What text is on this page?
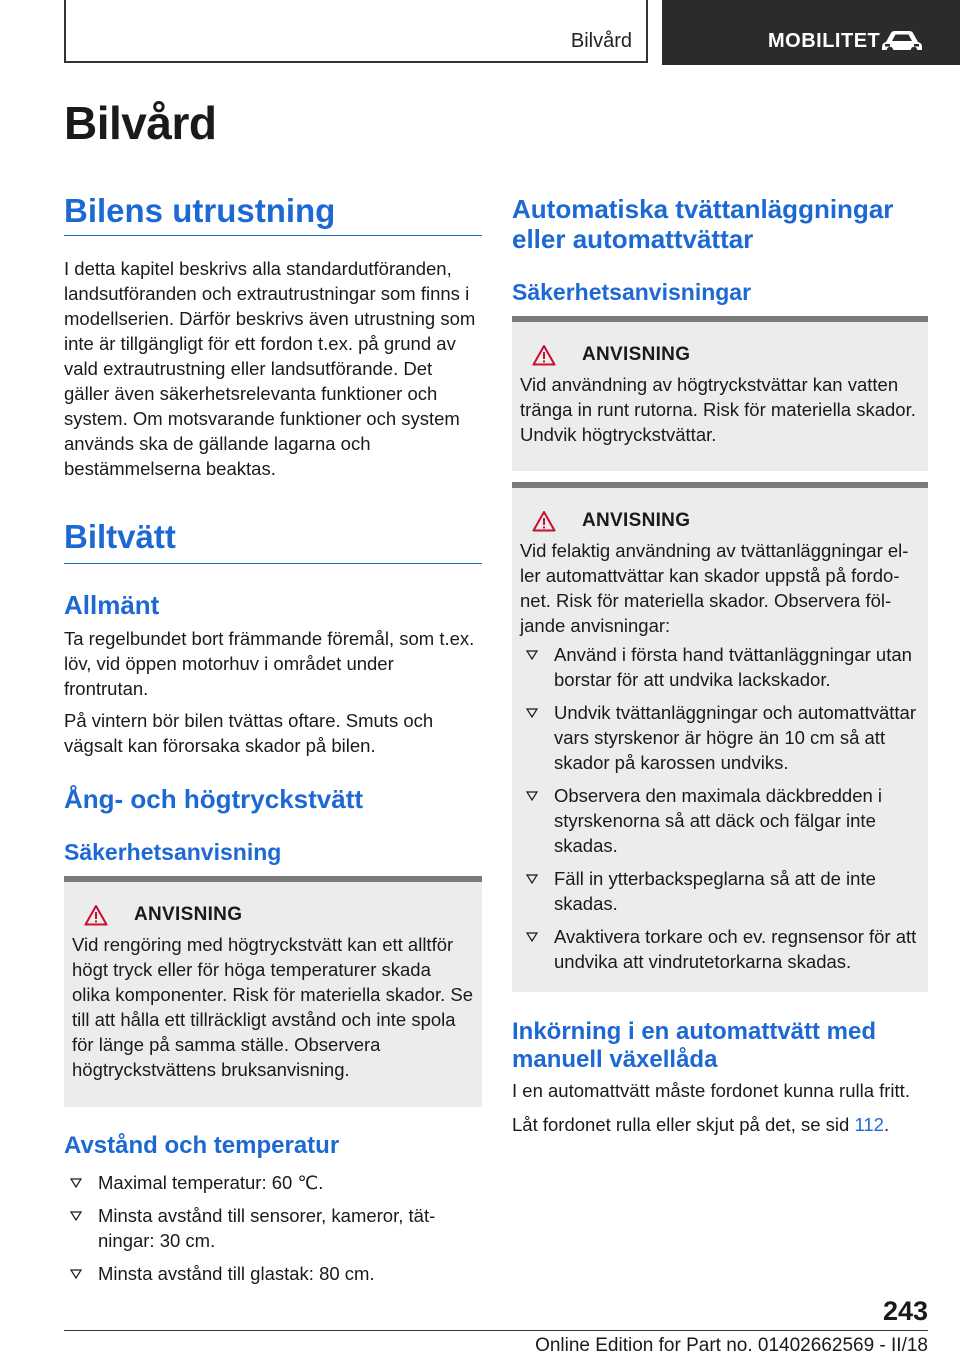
Bilvård	MOBILITET
Bilvård
Bilens utrustning

I detta kapitel beskrivs alla standardutföranden, landsutföranden och extrautrustningar som finns i modellserien. Därför beskrivs även utrustning som inte är tillgängligt för ett fordon t.ex. på grund av vald extrautrustning eller landsutförande. Det gäller även säkerhetsrelevanta funktioner och system. Om motsvarande funktioner och system används ska de gällande lagarna och bestämmelserna beaktas.

Biltvätt
Allmänt

Ta regelbundet bort främmande föremål, som t.ex. löv, vid öppen motorhuv i området under frontrutan.

På vintern bör bilen tvättas oftare. Smuts och vägsalt kan förorsaka skador på bilen.

Ång- och högtryckstvätt
Säkerhetsanvisning
ANVISNING

Vid rengöring med högtryckstvätt kan ett alltför högt tryck eller för höga temperaturer skada olika komponenter. Risk för materiella skador. Se till att hålla ett tillräckligt avstånd och inte spola för länge på samma ställe. Observera högtryckstvättens bruksanvisning.

Avstånd och temperatur
Maximal temperatur: 60 ℃.
Minsta avstånd till sensorer, kameror, tätningar: 30 cm.
Minsta avstånd till glastak: 80 cm.
Automatiska tvättanläggningar eller automattvättar
Säkerhetsanvisningar
ANVISNING

Vid användning av högtryckstvättar kan vatten tränga in runt rutorna. Risk för materiella skador. Undvik högtryckstvättar.

ANVISNING

Vid felaktig användning av tvättanläggningar eller automattvättar kan skador uppstå på fordonet. Risk för materiella skador. Observera följande anvisningar:

Använd i första hand tvättanläggningar utan borstar för att undvika lackskador.
Undvik tvättanläggningar och automattvättar vars styrskenor är högre än 10 cm så att skador på karossen undviks.
Observera den maximala däckbredden i styrskenorna så att däck och fälgar inte skadas.
Fäll in ytterbackspeglarna så att de inte skadas.
Avaktivera torkare och ev. regnsensor för att undvika att vindrutetorkarna skadas.
Inkörning i en automattvätt med manuell växellåda

I en automattvätt måste fordonet kunna rulla fritt.

Låt fordonet rulla eller skjut på det, se sid 112.

243
Online Edition for Part no. 01402662569 - II/18
